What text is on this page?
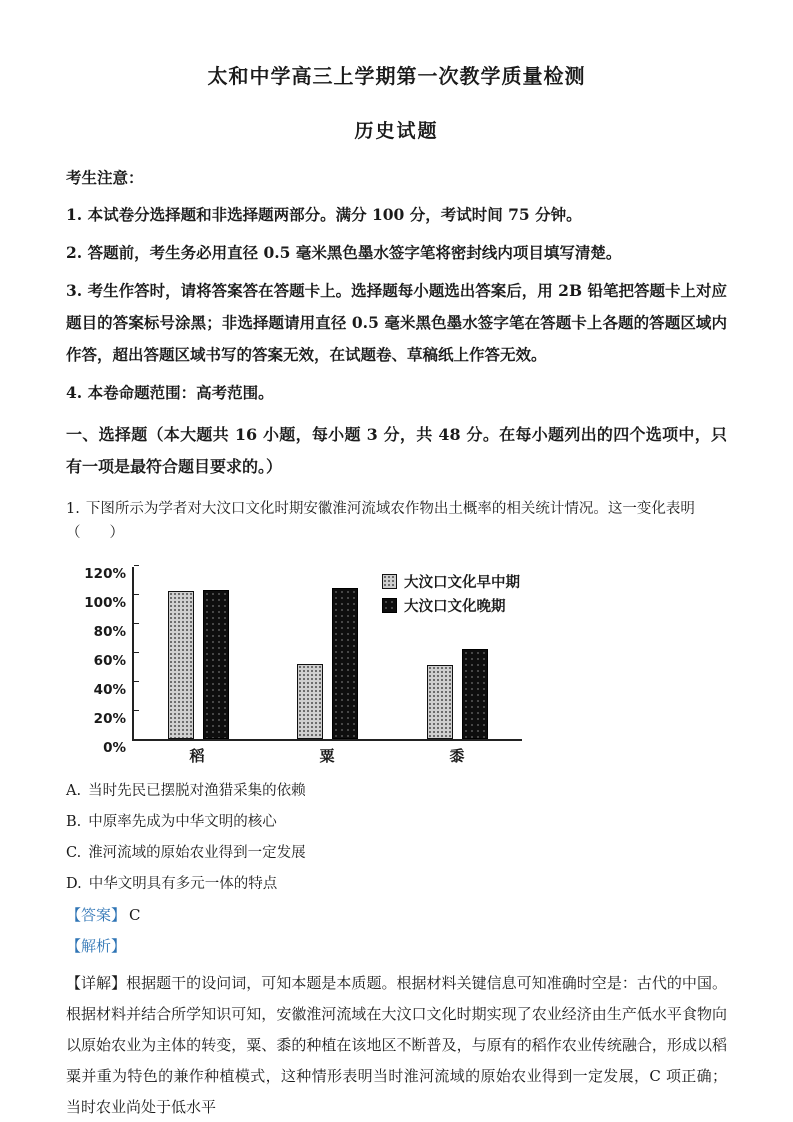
太和中学高三上学期第一次教学质量检测
历史试题

考生注意：

1. 本试卷分选择题和非选择题两部分。满分 100 分，考试时间 75 分钟。

2. 答题前，考生务必用直径 0.5 毫米黑色墨水签字笔将密封线内项目填写清楚。

3. 考生作答时，请将答案答在答题卡上。选择题每小题选出答案后，用 2B 铅笔把答题卡上对应题目的答案标号涂黑；非选择题请用直径 0.5 毫米黑色墨水签字笔在答题卡上各题的答题区域内作答，超出答题区域书写的答案无效，在试题卷、草稿纸上作答无效。

4. 本卷命题范围：高考范围。

一、选择题（本大题共 16 小题，每小题 3 分，共 48 分。在每小题列出的四个选项中，只有一项是最符合题目要求的。）

1. 下图所示为学者对大汶口文化时期安徽淮河流域农作物出土概率的相关统计情况。这一变化表明（　　）

0%
20%
40%
60%
80%
100%
120%
大汶口文化早中期
大汶口文化晚期
稻	粟	黍

A. 当时先民已摆脱对渔猎采集的依赖

B. 中原率先成为中华文明的核心

C. 淮河流域的原始农业得到一定发展

D. 中华文明具有多元一体的特点

【答案】 C

【解析】

【详解】根据题干的设问词，可知本题是本质题。根据材料关键信息可知准确时空是：古代的中国。根据材料并结合所学知识可知，安徽淮河流域在大汶口文化时期实现了农业经济由生产低水平食物向以原始农业为主体的转变，粟、黍的种植在该地区不断普及，与原有的稻作农业传统融合，形成以稻粟并重为特色的兼作种植模式，这种情形表明当时淮河流域的原始农业得到一定发展，C 项正确；当时农业尚处于低水平
